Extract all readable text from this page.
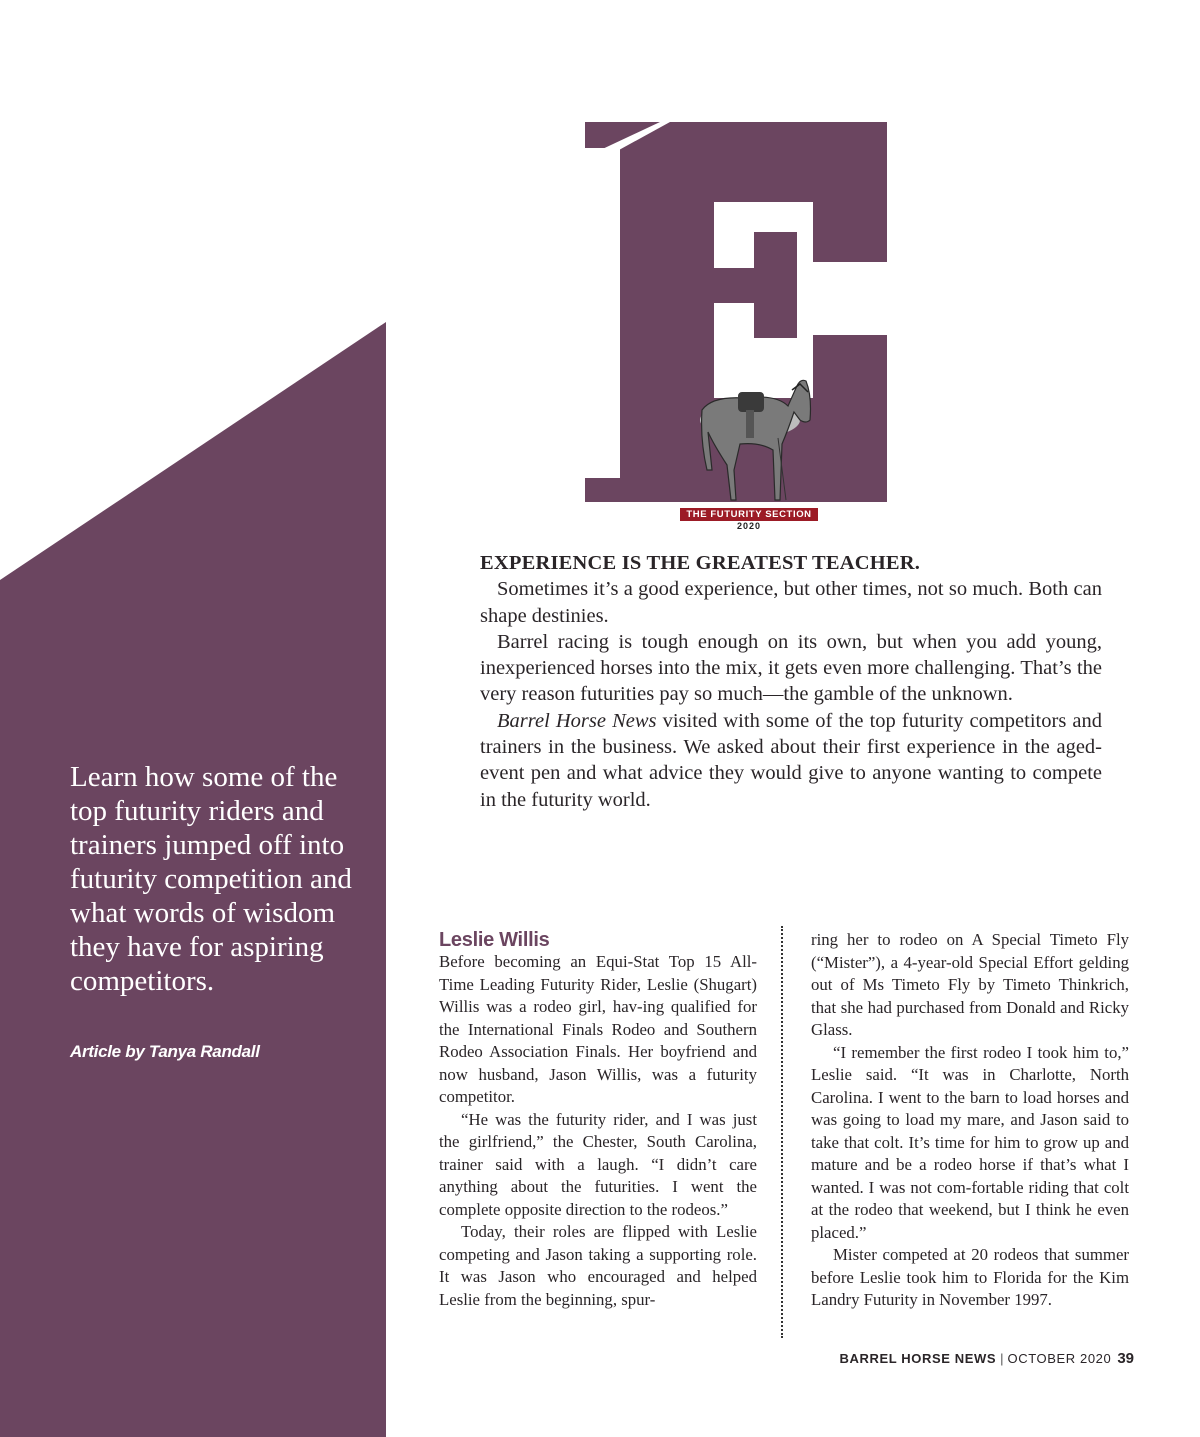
THE FUTURITY SECTION
2020
EXPERIENCE IS THE GREATEST TEACHER.

Sometimes it’s a good experience, but other times, not so much. Both can shape destinies.

Barrel racing is tough enough on its own, but when you add young, inexperienced horses into the mix, it gets even more challenging. That’s the very reason futurities pay so much—the gamble of the unknown.

Barrel Horse News visited with some of the top futurity competitors and trainers in the business. We asked about their first experience in the aged-event pen and what advice they would give to anyone wanting to compete in the futurity world.

Learn how some of the top futurity riders and trainers jumped off into futurity competition and what words of wisdom they have for aspiring competitors.
Article by Tanya Randall
Leslie Willis

Before becoming an Equi-Stat Top 15 All-Time Leading Futurity Rider, Leslie (Shugart) Willis was a rodeo girl, hav-ing qualified for the International Finals Rodeo and Southern Rodeo Association Finals. Her boyfriend and now husband, Jason Willis, was a futurity competitor.

“He was the futurity rider, and I was just the girlfriend,” the Chester, South Carolina, trainer said with a laugh. “I didn’t care anything about the futurities. I went the complete opposite direction to the rodeos.”

Today, their roles are flipped with Leslie competing and Jason taking a supporting role. It was Jason who encouraged and helped Leslie from the beginning, spur-

ring her to rodeo on A Special Timeto Fly (“Mister”), a 4-year-old Special Effort gelding out of Ms Timeto Fly by Timeto Thinkrich, that she had purchased from Donald and Ricky Glass.

“I remember the first rodeo I took him to,” Leslie said. “It was in Charlotte, North Carolina. I went to the barn to load horses and was going to load my mare, and Jason said to take that colt. It’s time for him to grow up and mature and be a rodeo horse if that’s what I wanted. I was not com-fortable riding that colt at the rodeo that weekend, but I think he even placed.”

Mister competed at 20 rodeos that summer before Leslie took him to Florida for the Kim Landry Futurity in November 1997.

BARREL HORSE NEWS | OCTOBER 2020 39
